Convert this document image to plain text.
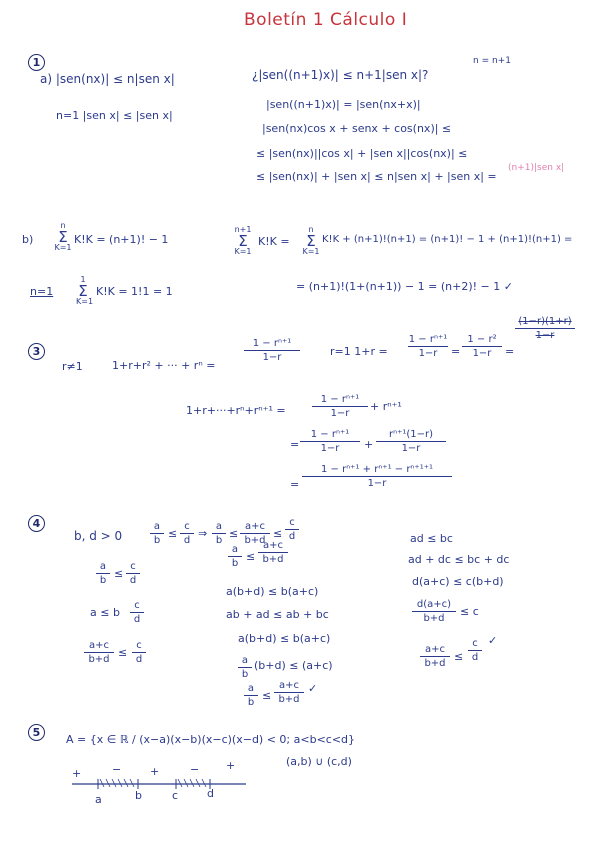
Boletín 1 Cálculo I
1
a) |sen(nx)| ≤ n|sen x|	¿|sen((n+1)x)| ≤ n+1|sen x|?
n = n+1
n=1 |sen x| ≤ |sen x|
|sen((n+1)x)| = |sen(nx+x)|
|sen(nx)cos x + senx + cos(nx)| ≤
≤ |sen(nx)||cos x| + |sen x||cos(nx)| ≤
≤ |sen(nx)| + |sen x| ≤ n|sen x| + |sen x| =
(n+1)|sen x|
b)
n
Σ
K=1
K!K = (n+1)! − 1
n+1
Σ
K=1
K!K =
n
Σ
K=1
K!K + (n+1)!(n+1) = (n+1)! − 1 + (n+1)!(n+1) =
= (n+1)!(1+(n+1)) − 1 = (n+2)! − 1 ✓
n=1
1
Σ
K=1
K!K = 1!1 = 1
3
r≠1	1+r+r² + ··· + rⁿ =
1 − rⁿ⁺¹
1−r	r=1 1+r =
1 − rⁿ⁺¹
1−r	=
1 − r²
1−r	=
(1−r)(1+r)
1−r
1+r+···+rⁿ+rⁿ⁺¹ =
1 − rⁿ⁺¹
1−r
+ rⁿ⁺¹
=
1 − rⁿ⁺¹
1−r	+
rⁿ⁺¹(1−r)
1−r
=
1 − rⁿ⁺¹ + rⁿ⁺¹ − rⁿ⁺¹⁺¹
1−r
4
b, d > 0
a
b
≤
c
d
⇒
a
b
≤
a+c
b+d
≤
c
d
a
b
≤
c
d
a ≤ b
c
d
a+c
b+d
≤
c
d
a
b
≤
a+c
b+d
a(b+d) ≤ b(a+c)
ab + ad ≤ ab + bc
a(b+d) ≤ b(a+c)
a
b
(b+d) ≤ (a+c)
a
b
≤
a+c
b+d
✓
ad ≤ bc
ad + dc ≤ bc + dc
d(a+c) ≤ c(b+d)
d(a+c)
b+d
≤ c
a+c
b+d
≤
c
d
✓
5
A = {x ∈ ℝ / (x−a)(x−b)(x−c)(x−d) < 0; a<b<c<d}
(a,b) ∪ (c,d)
+	−	+	− +
a	b	c	d
